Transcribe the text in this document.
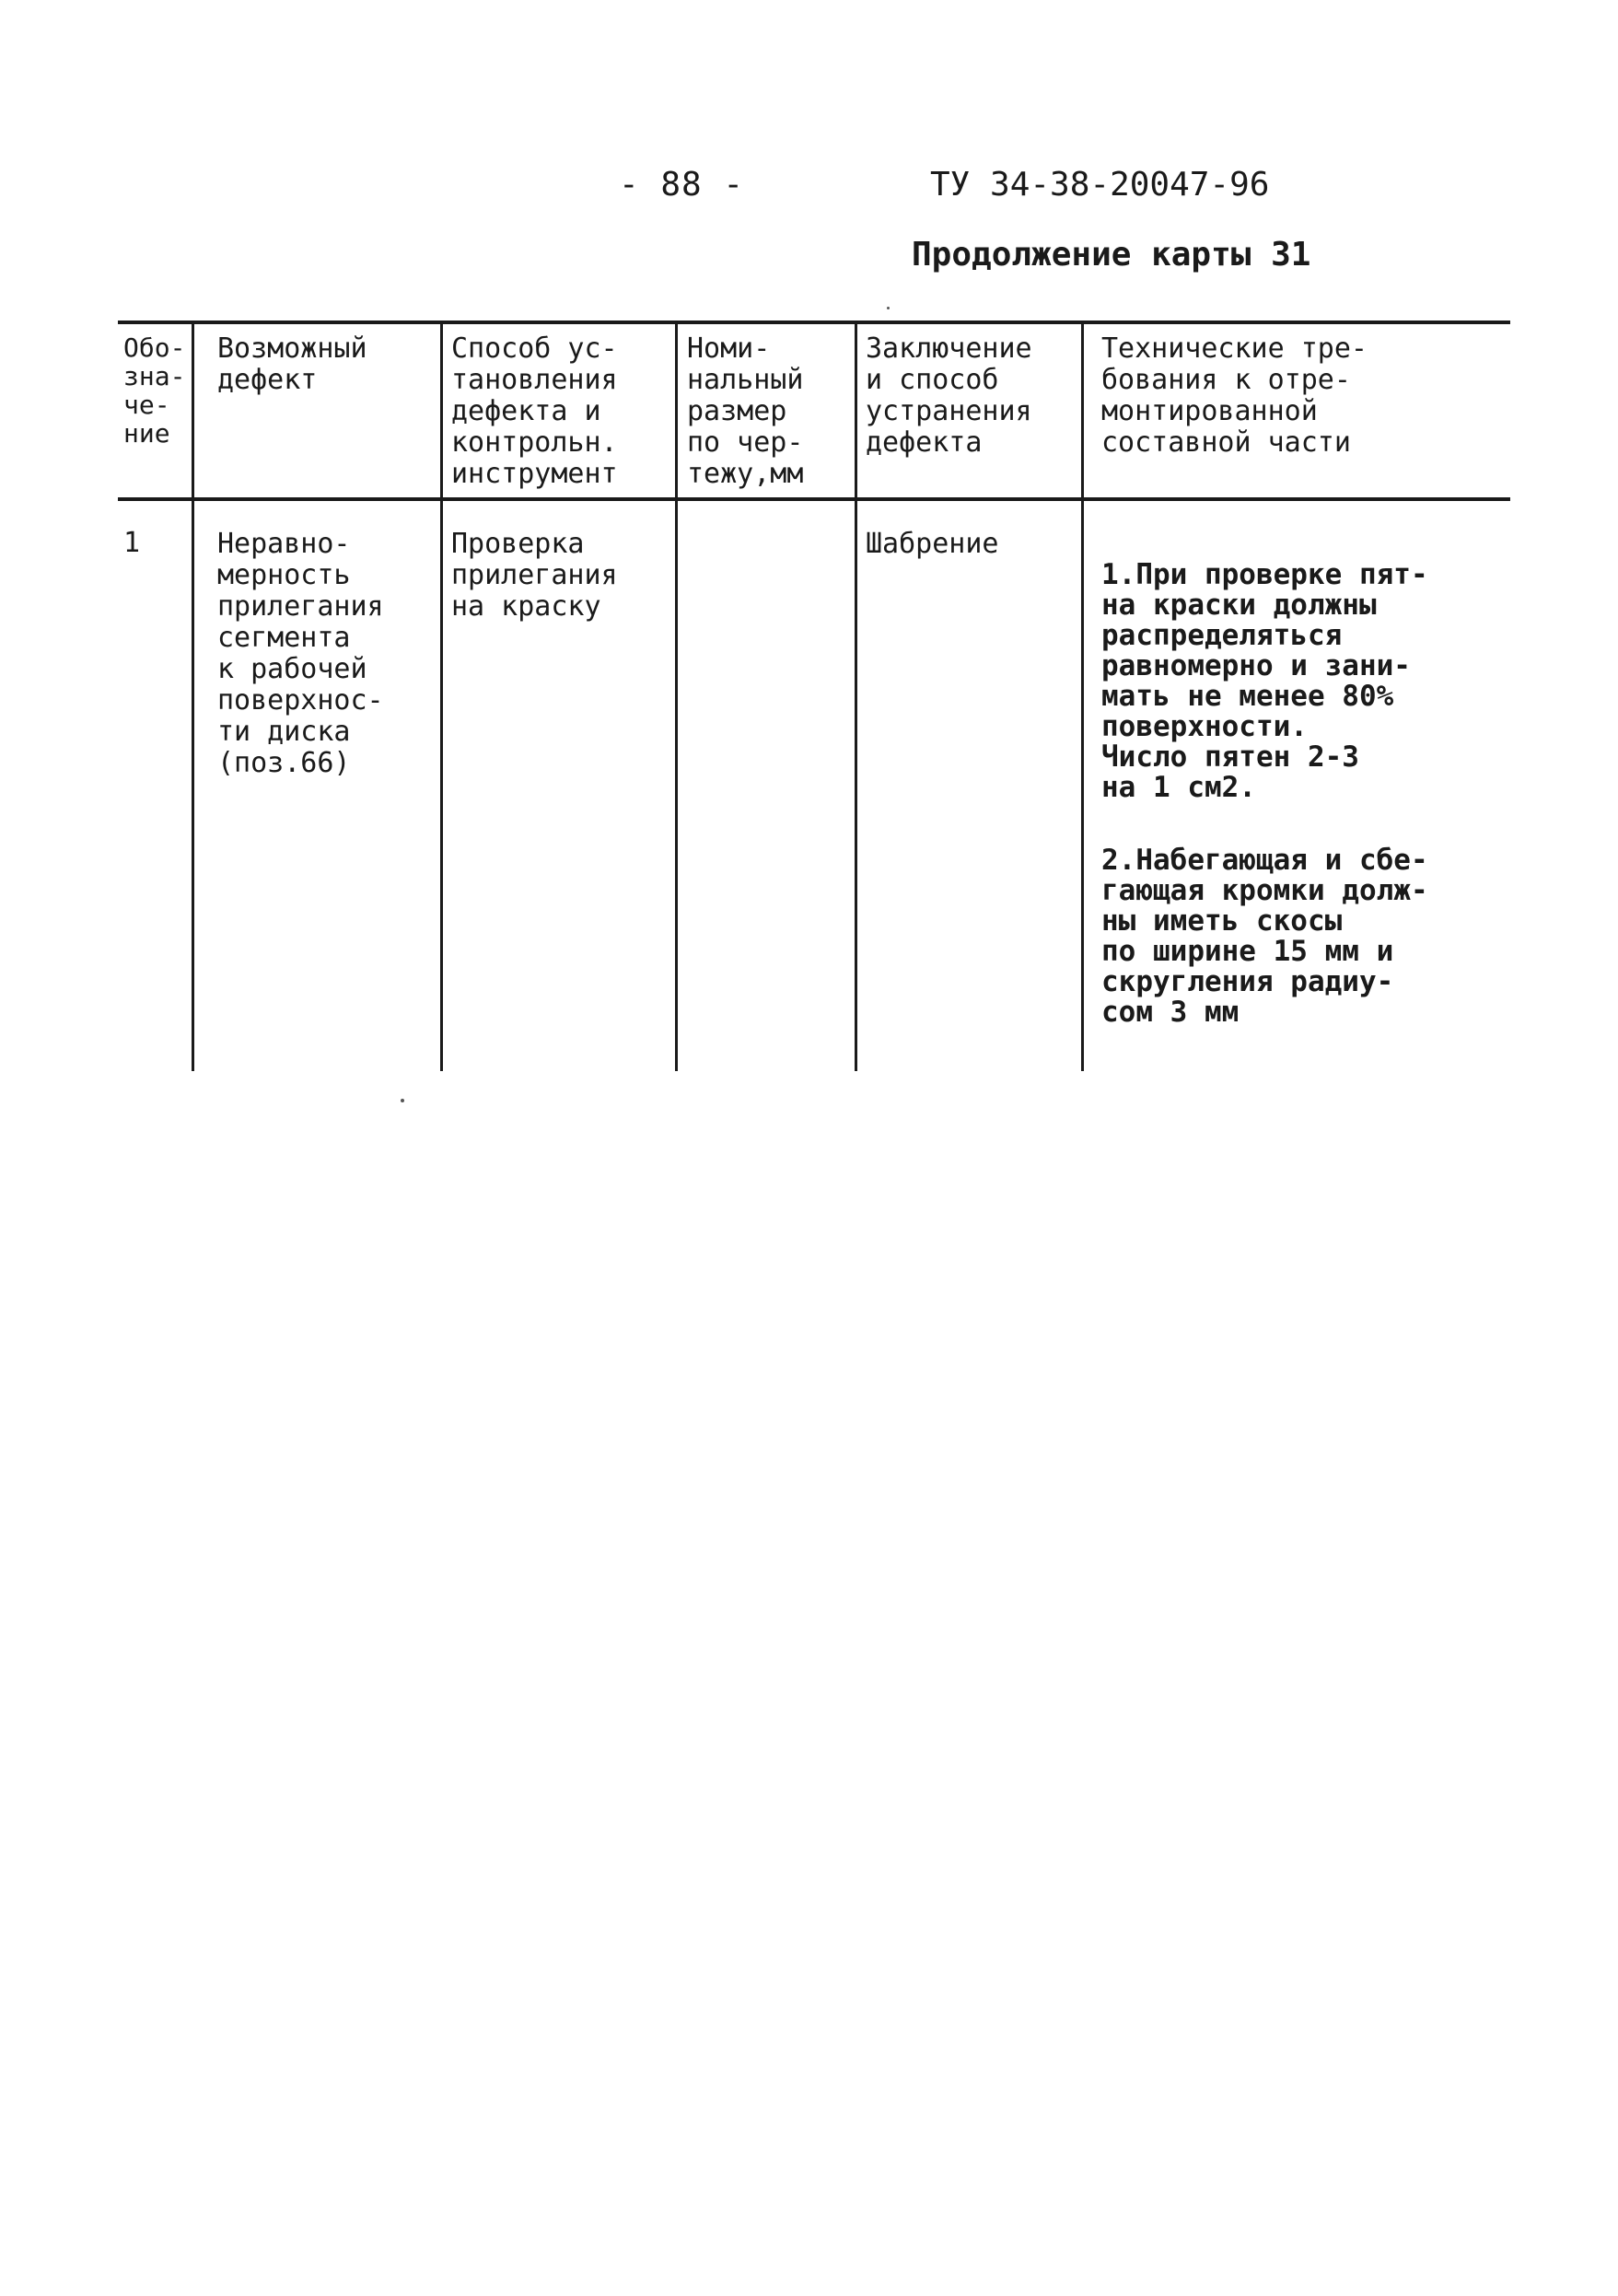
- 88 -	ТУ 34-38-20047-96
Продолжение карты 31
Обо-
зна-
че-
ние
Возможный
дефект
Способ ус-
тановления
дефекта и
контрольн.
инструмент
Номи-
нальный
размер
по чер-
тежу,мм
Заключение
и способ
устранения
дефекта
Технические тре-
бования к отре-
монтированной
составной части
1	Неравно-
мерность
прилегания
сегмента
к рабочей
поверхнос-
ти диска
(поз.66)
Проверка
прилегания
на краску
Шабрение

1.При проверке пят-
на краски должны
распределяться
равномерно и зани-
мать не менее 80%
поверхности.
Число пятен 2-3
на 1 см2.

2.Набегающая и сбе-
гающая кромки долж-
ны иметь скосы
по ширине 15 мм и
скругления радиу-
сом 3 мм
